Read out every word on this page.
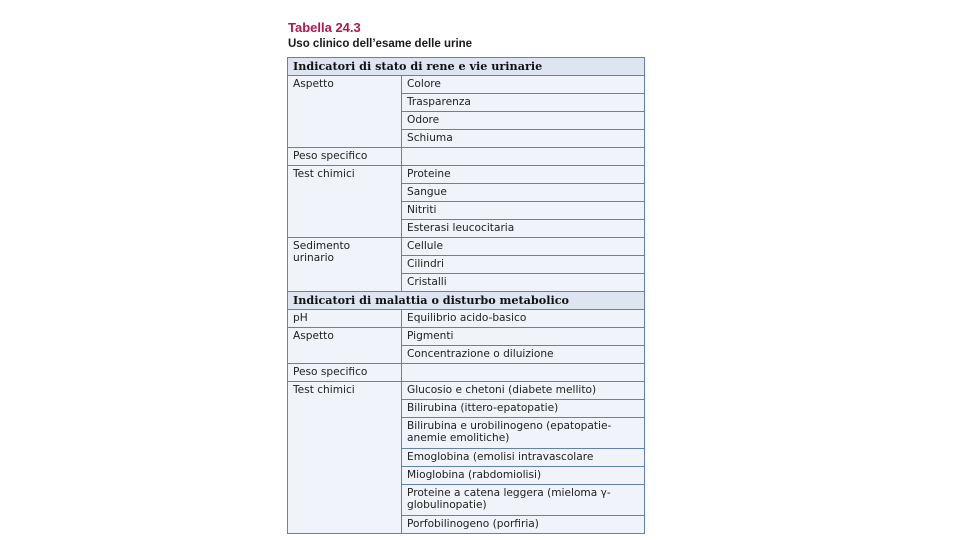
Tabella 24.3
Uso clinico dell’esame delle urine
Indicatori di stato di rene e vie urinarie	
Aspetto	Colore
	Trasparenza
	Odore
	Schiuma
Peso specifico	
Test chimici	Proteine
	Sangue
	Nitriti
	Esterasi leucocitaria
Sedimento
urinario	Cellule
	Cilindri
	Cristalli
Indicatori di malattia o disturbo metabolico	
pH	Equilibrio acido-basico
Aspetto	Pigmenti
	Concentrazione o diluizione
Peso specifico	
Test chimici	Glucosio e chetoni (diabete mellito)
	Bilirubina (ittero-epatopatie)
	Bilirubina e urobilinogeno (epatopatie-anemie emolitiche)
	Emoglobina (emolisi intravascolare
	Mioglobina (rabdomiolisi)
	Proteine a catena leggera (mieloma γ-globulinopatie)
	Porfobilinogeno (porfiria)
